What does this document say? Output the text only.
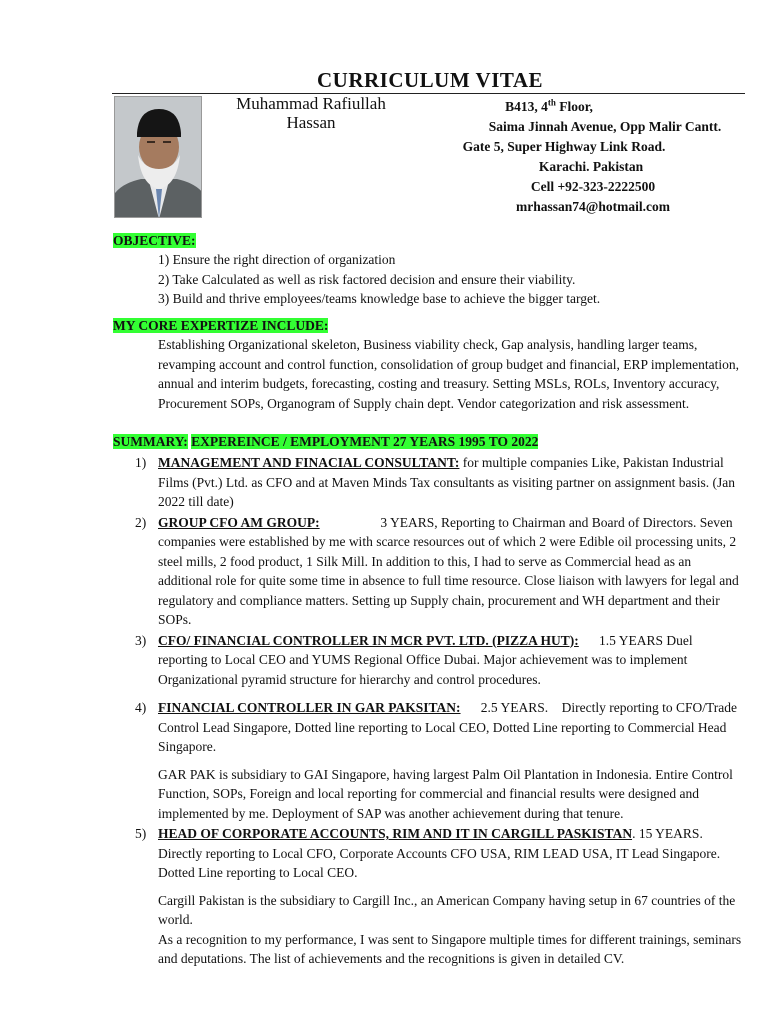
CURRICULUM VITAE
Muhammad Rafiullah
Hassan
B413, 4th Floor,
Saima Jinnah Avenue, Opp Malir Cantt.
Gate 5, Super Highway Link Road.
Karachi. Pakistan
Cell +92-323-2222500
mrhassan74@hotmail.com
OBJECTIVE:
1) Ensure the right direction of organization
2) Take Calculated as well as risk factored decision and ensure their viability.
3) Build and thrive employees/teams knowledge base to achieve the bigger target.
MY CORE EXPERTIZE INCLUDE:
Establishing Organizational skeleton, Business viability check, Gap analysis, handling larger teams, revamping account and control function, consolidation of group budget and financial, ERP implementation, annual and interim budgets, forecasting, costing and treasury. Setting MSLs, ROLs, Inventory accuracy, Procurement SOPs, Organogram of Supply chain dept. Vendor categorization and risk assessment.
SUMMARY: EXPEREINCE / EMPLOYMENT 27 YEARS 1995 TO 2022
1) MANAGEMENT AND FINACIAL CONSULTANT: for multiple companies Like, Pakistan Industrial Films (Pvt.) Ltd. as CFO and at Maven Minds Tax consultants as visiting partner on assignment basis. (Jan 2022 till date)
2) GROUP CFO AM GROUP:                  3 YEARS, Reporting to Chairman and Board of Directors. Seven companies were established by me with scarce resources out of which 2 were Edible oil processing units, 2 steel mills, 2 food product, 1 Silk Mill. In addition to this, I had to serve as Commercial head as an additional role for quite some time in absence to full time resource. Close liaison with lawyers for legal and regulatory and compliance matters. Setting up Supply chain, procurement and WH department and their SOPs.
3) CFO/ FINANCIAL CONTROLLER IN MCR PVT. LTD. (PIZZA HUT):      1.5 YEARS Duel reporting to Local CEO and YUMS Regional Office Dubai. Major achievement was to implement Organizational pyramid structure for hierarchy and control procedures.
4) FINANCIAL CONTROLLER IN GAR PAKSITAN:      2.5 YEARS.    Directly reporting to CFO/Trade Control Lead Singapore, Dotted line reporting to Local CEO, Dotted Line reporting to Commercial Head Singapore.
GAR PAK is subsidiary to GAI Singapore, having largest Palm Oil Plantation in Indonesia. Entire Control Function, SOPs, Foreign and local reporting for commercial and financial results were designed and implemented by me. Deployment of SAP was another achievement during that tenure.
5) HEAD OF CORPORATE ACCOUNTS, RIM AND IT IN CARGILL PASKISTAN. 15 YEARS. Directly reporting to Local CFO, Corporate Accounts CFO USA, RIM LEAD USA, IT Lead Singapore. Dotted Line reporting to Local CEO.
Cargill Pakistan is the subsidiary to Cargill Inc., an American Company having setup in 67 countries of the world.
As a recognition to my performance, I was sent to Singapore multiple times for different trainings, seminars and deputations. The list of achievements and the recognitions is given in detailed CV.
